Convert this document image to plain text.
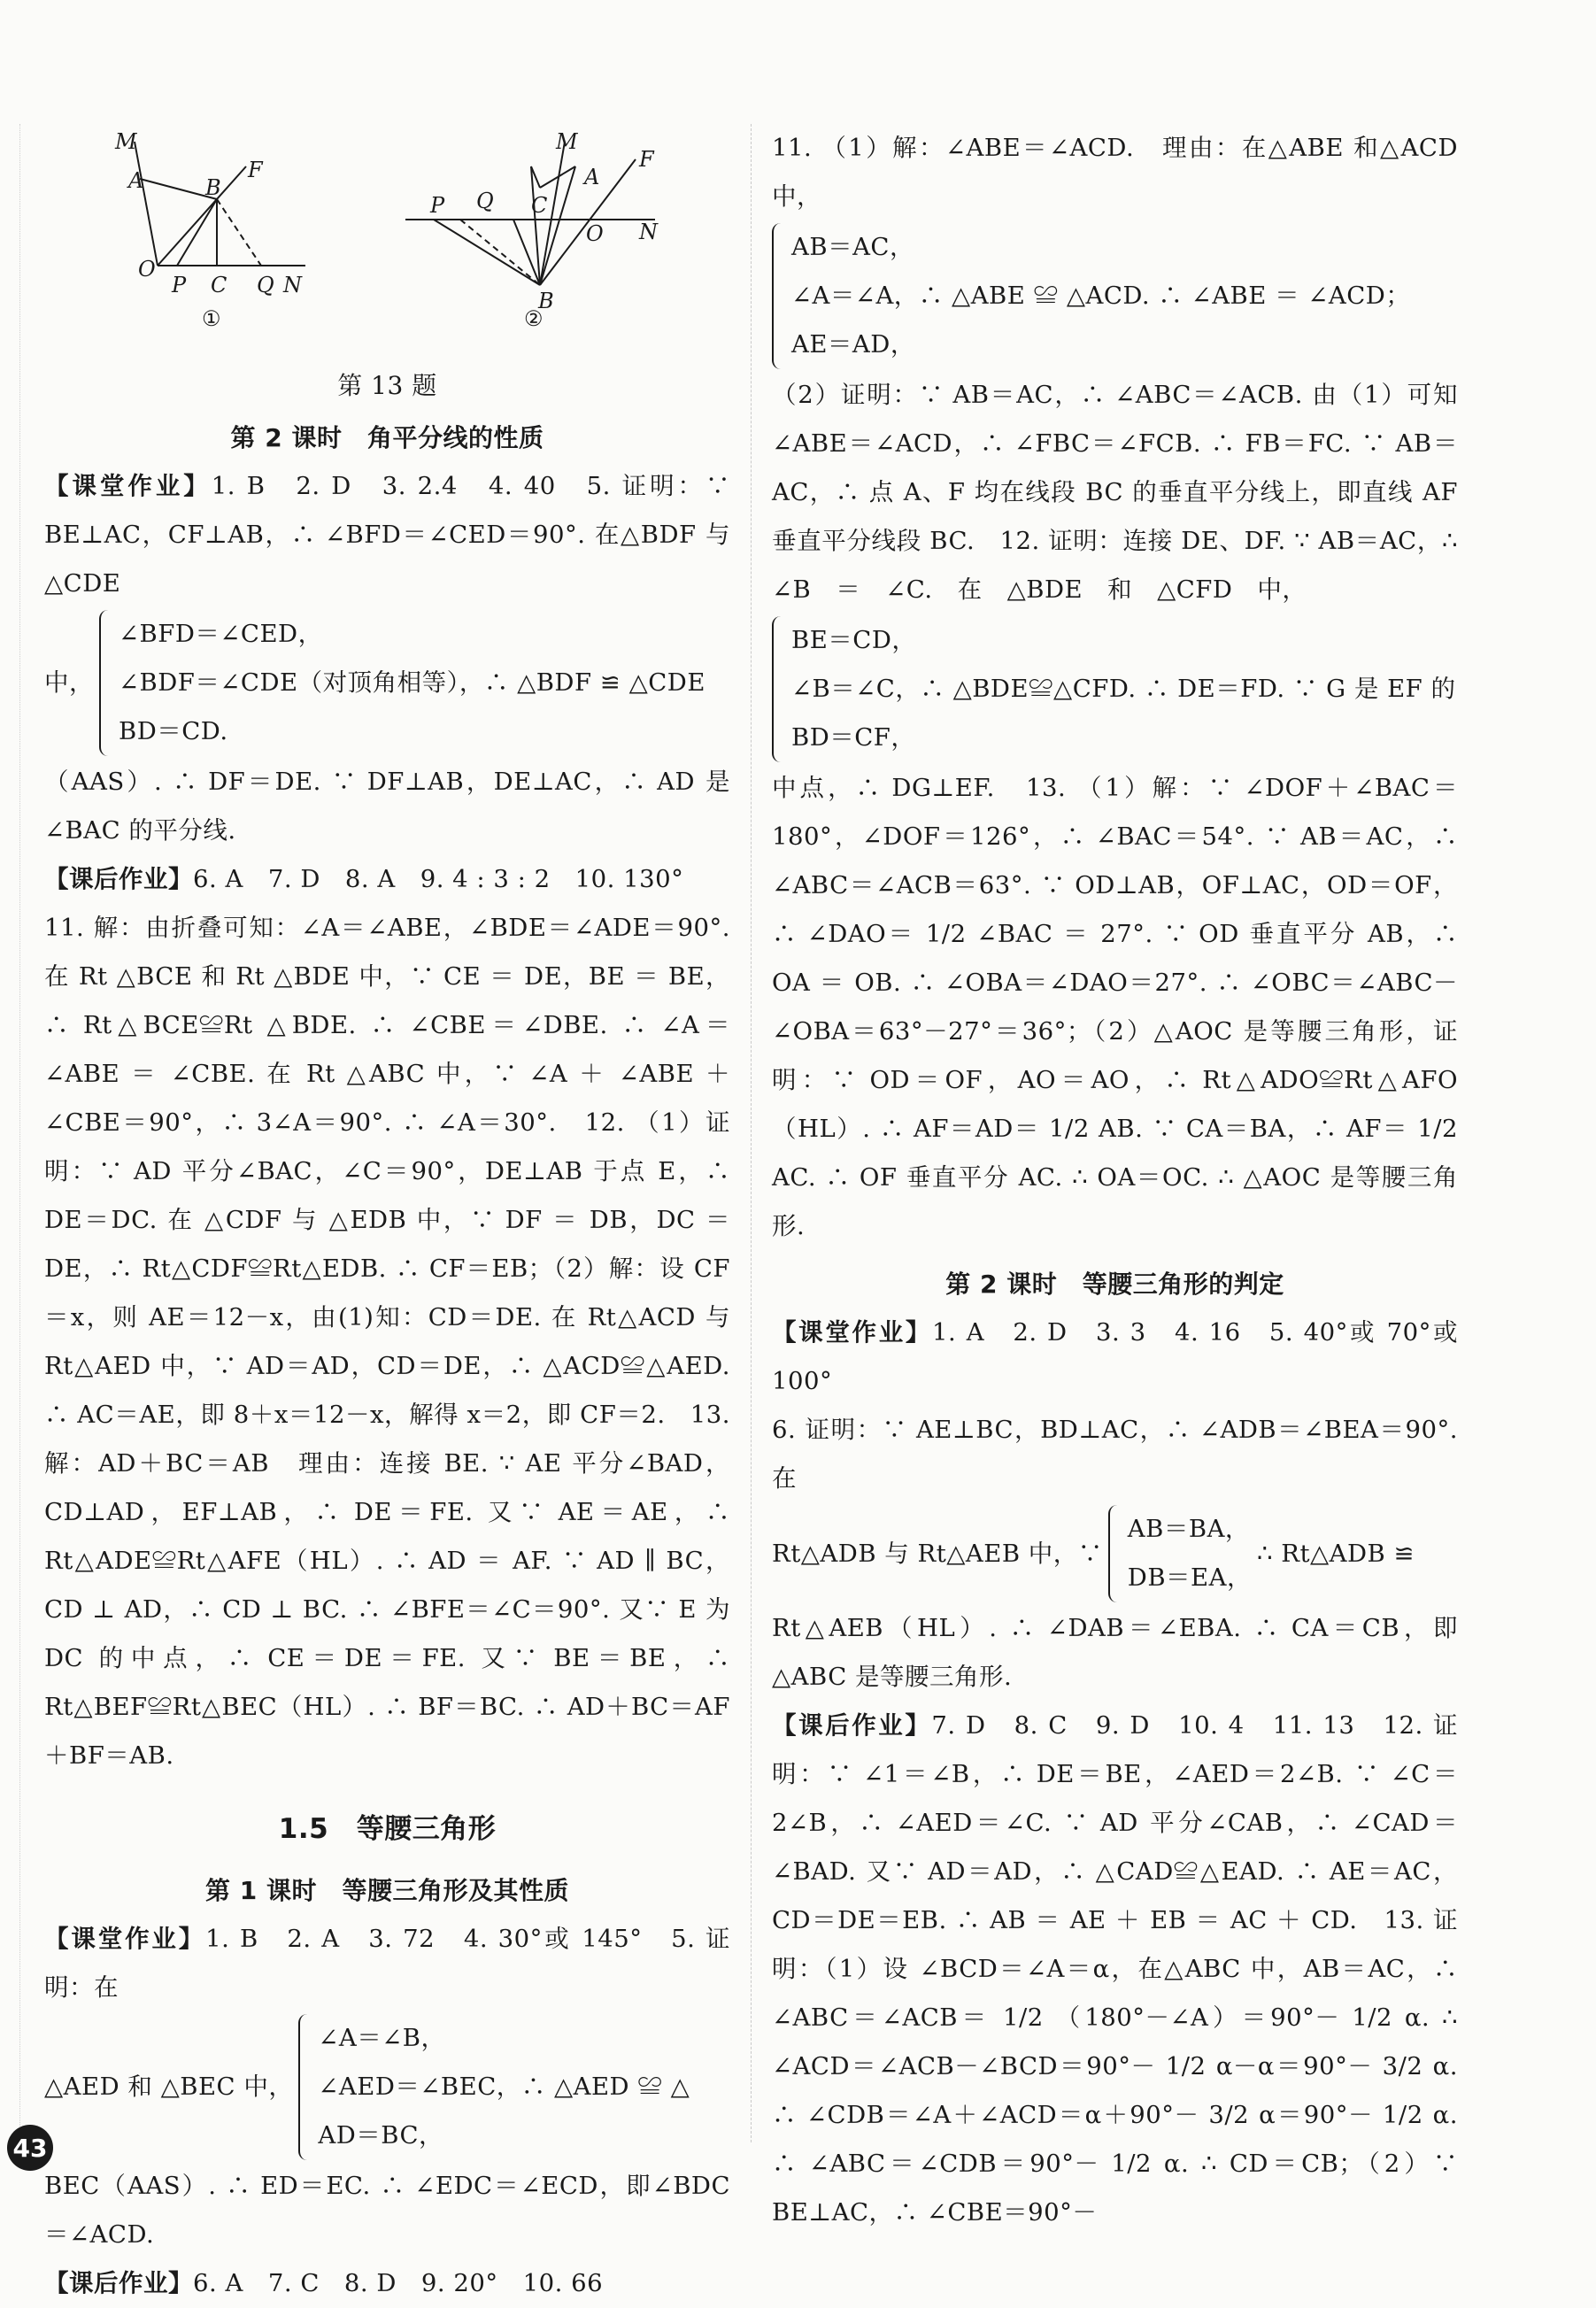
M
A	B
F
O
P C Q N
①
M
A
P Q C
O N
F
B
②
第 13 题
第 2 课时　角平分线的性质
【课堂作业】1. B　2. D　3. 2.4　4. 40　5. 证明：∵ BE⊥AC，CF⊥AB，∴ ∠BFD＝∠CED＝90°. 在△BDF 与△CDE
中，
∠BFD＝∠CED，
∠BDF＝∠CDE（对顶角相等），∴ △BDF ≌ △CDE
BD＝CD.
（AAS）. ∴ DF＝DE. ∵ DF⊥AB，DE⊥AC，∴ AD 是∠BAC 的平分线.
【课后作业】6. A　7. D　8. A　9. 4 : 3 : 2　10. 130°
11. 解：由折叠可知：∠A＝∠ABE，∠BDE＝∠ADE＝90°. 在 Rt △BCE 和 Rt △BDE 中，∵ CE ＝ DE，BE ＝ BE，∴ Rt△BCE≌Rt △BDE. ∴ ∠CBE＝∠DBE. ∴ ∠A＝∠ABE ＝ ∠CBE. 在 Rt △ABC 中，∵ ∠A ＋ ∠ABE ＋ ∠CBE＝90°，∴ 3∠A＝90°. ∴ ∠A＝30°.　12. （1）证明：∵ AD 平分∠BAC，∠C＝90°，DE⊥AB 于点 E，∴ DE＝DC. 在 △CDF 与 △EDB 中，∵ DF ＝ DB，DC ＝ DE，∴ Rt△CDF≌Rt△EDB. ∴ CF＝EB；（2）解：设 CF＝x，则 AE＝12－x，由(1)知：CD＝DE. 在 Rt△ACD 与 Rt△AED 中，∵ AD＝AD，CD＝DE，∴ △ACD≌△AED. ∴ AC＝AE，即 8＋x＝12－x，解得 x＝2，即 CF＝2.　13. 解：AD＋BC＝AB　理由：连接 BE. ∵ AE 平分∠BAD，CD⊥AD，EF⊥AB，∴ DE＝FE. 又∵ AE＝AE，∴ Rt△ADE≌Rt△AFE（HL）. ∴ AD ＝ AF. ∵ AD ∥ BC，CD ⊥ AD，∴ CD ⊥ BC. ∴ ∠BFE＝∠C＝90°. 又∵ E 为 DC 的中点，∴ CE＝DE＝FE. 又∵ BE＝BE，∴ Rt△BEF≌Rt△BEC（HL）. ∴ BF＝BC. ∴ AD＋BC＝AF＋BF＝AB.
1.5　等腰三角形
第 1 课时　等腰三角形及其性质
【课堂作业】1. B　2. A　3. 72　4. 30°或 145°　5. 证明：在
△AED 和 △BEC 中，
∠A＝∠B，
∠AED＝∠BEC，∴ △AED ≌ △
AD＝BC，
BEC（AAS）. ∴ ED＝EC. ∴ ∠EDC＝∠ECD，即∠BDC＝∠ACD.
【课后作业】6. A　7. C　8. D　9. 20°　10. 66
11. （1）解：∠ABE＝∠ACD.　理由：在△ABE 和△ACD 中，
AB＝AC，
∠A＝∠A，∴ △ABE ≌ △ACD. ∴ ∠ABE ＝ ∠ACD；
AE＝AD，
（2）证明：∵ AB＝AC，∴ ∠ABC＝∠ACB. 由（1）可知 ∠ABE＝∠ACD，∴ ∠FBC＝∠FCB. ∴ FB＝FC. ∵ AB＝AC，∴ 点 A、F 均在线段 BC 的垂直平分线上，即直线 AF 垂直平分线段 BC.　12. 证明：连接 DE、DF. ∵ AB＝AC，∴　∠B　＝　∠C.　在　△BDE　和　△CFD　中，
BE＝CD，
∠B＝∠C，∴ △BDE≌△CFD. ∴ DE＝FD. ∵ G 是 EF 的
BD＝CF，
中点，∴ DG⊥EF.　13. （1）解：∵ ∠DOF＋∠BAC＝180°，∠DOF＝126°，∴ ∠BAC＝54°. ∵ AB＝AC，∴ ∠ABC＝∠ACB＝63°. ∵ OD⊥AB，OF⊥AC，OD＝OF，∴ ∠DAO＝ 1/2 ∠BAC ＝ 27°. ∵ OD 垂直平分 AB，∴ OA ＝ OB. ∴ ∠OBA＝∠DAO＝27°. ∴ ∠OBC＝∠ABC－∠OBA＝63°－27°＝36°；（2）△AOC 是等腰三角形，证明：∵ OD＝OF，AO＝AO，∴ Rt△ADO≌Rt△AFO（HL）. ∴ AF＝AD＝ 1/2 AB. ∵ CA＝BA，∴ AF＝ 1/2 AC. ∴ OF 垂直平分 AC. ∴ OA＝OC. ∴ △AOC 是等腰三角形.
第 2 课时　等腰三角形的判定
【课堂作业】1. A　2. D　3. 3　4. 16　5. 40°或 70°或 100°
6. 证明：∵ AE⊥BC，BD⊥AC，∴ ∠ADB＝∠BEA＝90°. 在
Rt△ADB 与 Rt△AEB 中，∵
AB＝BA，
DB＝EA，
∴ Rt△ADB ≌
Rt△AEB（HL）. ∴ ∠DAB＝∠EBA. ∴ CA＝CB，即△ABC 是等腰三角形.
【课后作业】7. D　8. C　9. D　10. 4　11. 13　12. 证明：∵ ∠1＝∠B，∴ DE＝BE，∠AED＝2∠B. ∵ ∠C＝2∠B，∴ ∠AED＝∠C. ∵ AD 平分∠CAB，∴ ∠CAD＝∠BAD. 又∵ AD＝AD，∴ △CAD≌△EAD. ∴ AE＝AC，CD＝DE＝EB. ∴ AB ＝ AE ＋ EB ＝ AC ＋ CD.　13. 证明：（1）设 ∠BCD＝∠A＝α，在△ABC 中，AB＝AC，∴ ∠ABC＝∠ACB＝ 1/2 （180°－∠A）＝90°－ 1/2 α. ∴ ∠ACD＝∠ACB－∠BCD＝90°－ 1/2 α－α＝90°－ 3/2 α. ∴ ∠CDB＝∠A＋∠ACD＝α＋90°－ 3/2 α＝90°－ 1/2 α. ∴ ∠ABC＝∠CDB＝90°－ 1/2 α. ∴ CD＝CB；（2）∵ BE⊥AC，∴ ∠CBE＝90°－
43
